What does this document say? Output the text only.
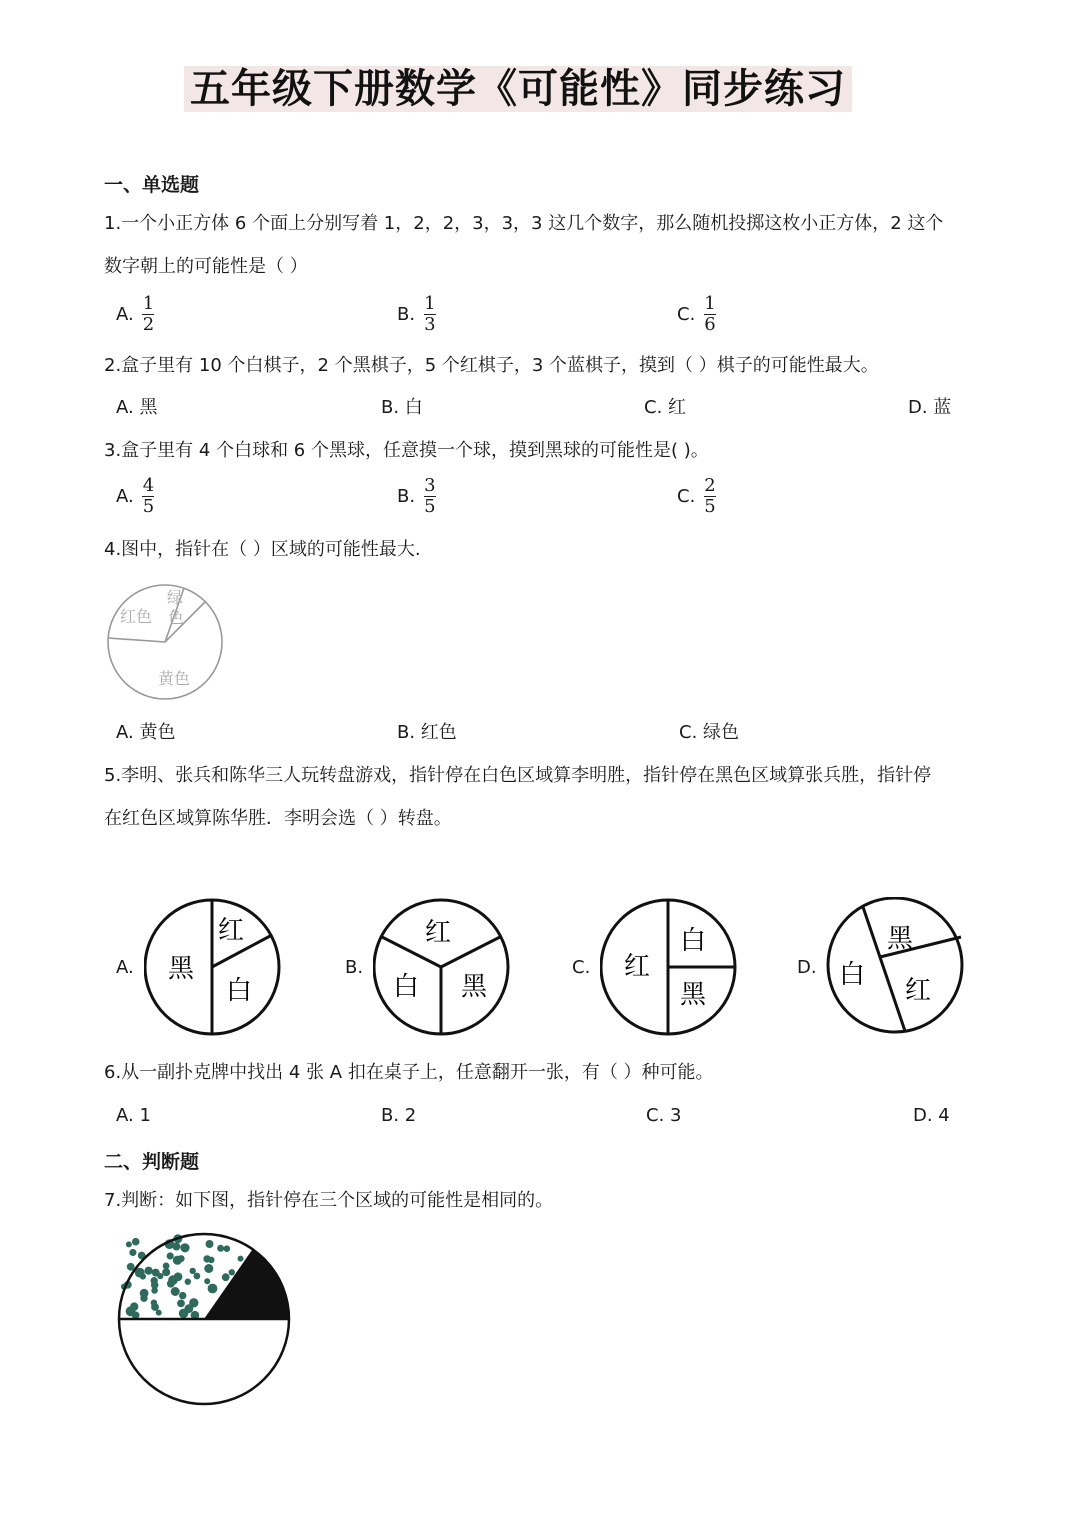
五年级下册数学《可能性》同步练习
一、单选题
1.一个小正方体 6 个面上分别写着 1，2，2，3，3，3 这几个数字，那么随机投掷这枚小正方体，2 这个
数字朝上的可能性是（ ）
A. $\frac{1}{2}$	B. $\frac{1}{3}$	C. $\frac{1}{6}$
2.盒子里有 10 个白棋子，2 个黑棋子，5 个红棋子，3 个蓝棋子，摸到（ ）棋子的可能性最大。
A. 黑	B. 白	C. 红	D. 蓝
3.盒子里有 4 个白球和 6 个黑球，任意摸一个球，摸到黑球的可能性是( )。
A. $\frac{4}{5}$	B. $\frac{3}{5}$	C. $\frac{2}{5}$
4.图中，指针在（ ）区域的可能性最大.
红色
绿
色
黄色
A. 黄色	B. 红色	C. 绿色
5.李明、张兵和陈华三人玩转盘游戏，指针停在白色区域算李明胜，指针停在黑色区域算张兵胜，指针停
在红色区域算陈华胜．李明会选（ ）转盘。
A. 黑
红
白
B.
红
白 黑
C. 红
白
黑
D. 白
黑
红
6.从一副扑克牌中找出 4 张 A 扣在桌子上，任意翻开一张，有（ ）种可能。
A. 1	B. 2	C. 3	D. 4
二、判断题
7.判断：如下图，指针停在三个区域的可能性是相同的。
